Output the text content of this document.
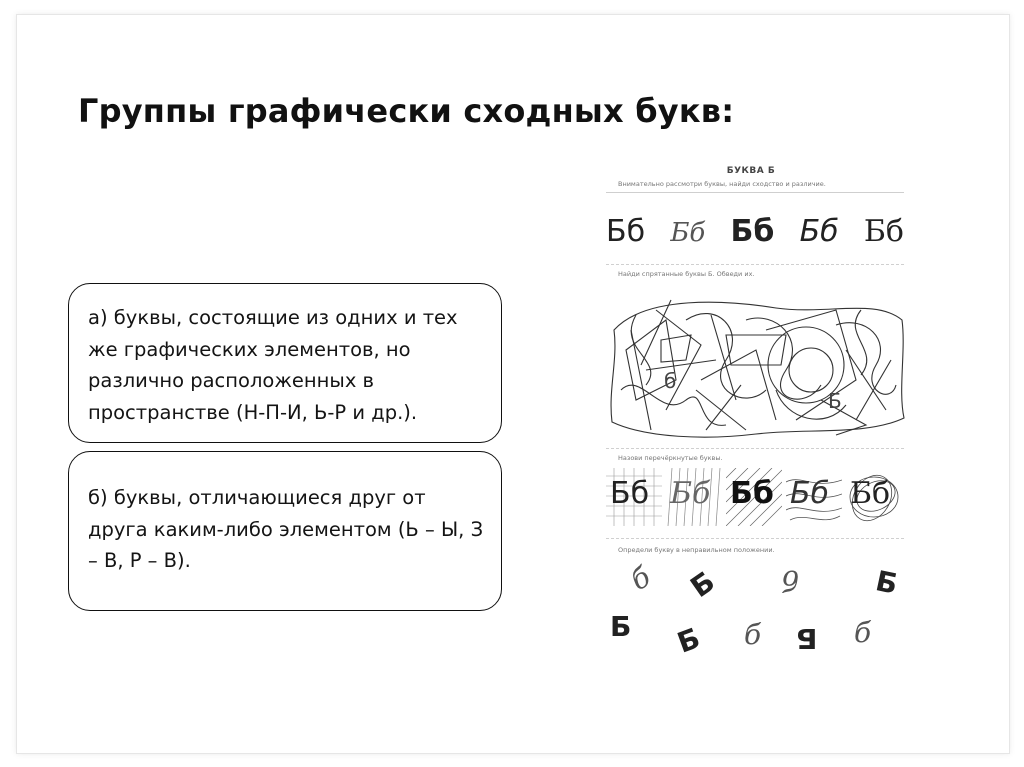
Группы графически сходных букв:

а) буквы, состоящие из одних и тех же графических элементов, но различно расположенных в пространстве (Н-П-И, Ь-Р и др.).

б) буквы, отличающиеся друг от друга каким-либо элементом (Ь – Ы, З – В, Р – В).

БУКВА Б
Внимательно рассмотри буквы, найди сходство и различие.
Бб Бб Бб Бб Бб
Найди спрятанные буквы Б. Обведи их.
б
Б
Назови перечёркнутые буквы.
Бб Бб Бб Бб Бб
Определи букву в неправильном положении.
б Б б	Б
Б Б б Б б
